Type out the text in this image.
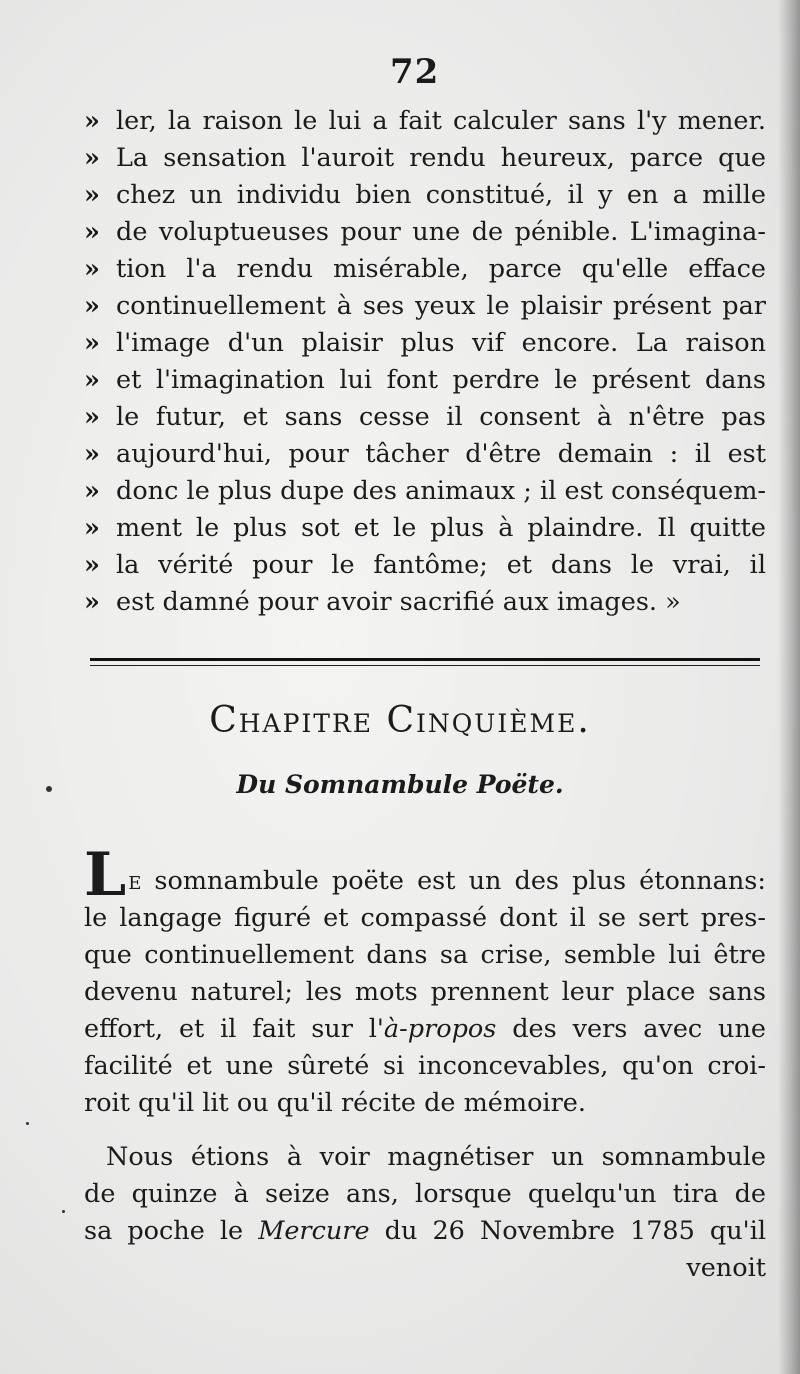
72
» ler, la raison le lui a fait calculer sans l'y mener.
» La sensation l'auroit rendu heureux, parce que
» chez un individu bien constitué, il y en a mille
» de voluptueuses pour une de pénible. L'imagina-
» tion l'a rendu misérable, parce qu'elle efface
» continuellement à ses yeux le plaisir présent par
» l'image d'un plaisir plus vif encore. La raison
» et l'imagination lui font perdre le présent dans
» le futur, et sans cesse il consent à n'être pas
» aujourd'hui, pour tâcher d'être demain : il est
» donc le plus dupe des animaux ; il est conséquem-
» ment le plus sot et le plus à plaindre. Il quitte
» la vérité pour le fantôme; et dans le vrai, il
» est damné pour avoir sacrifié aux images. »
Chapitre Cinquième.
Du Somnambule Poëte.
Le somnambule poëte est un des plus étonnans:
le langage figuré et compassé dont il se sert pres-
que continuellement dans sa crise, semble lui être
devenu naturel; les mots prennent leur place sans
effort, et il fait sur l'à-propos des vers avec une
facilité et une sûreté si inconcevables, qu'on croi-
roit qu'il lit ou qu'il récite de mémoire.
Nous étions à voir magnétiser un somnambule
de quinze à seize ans, lorsque quelqu'un tira de
sa poche le Mercure du 26 Novembre 1785 qu'il
venoit
